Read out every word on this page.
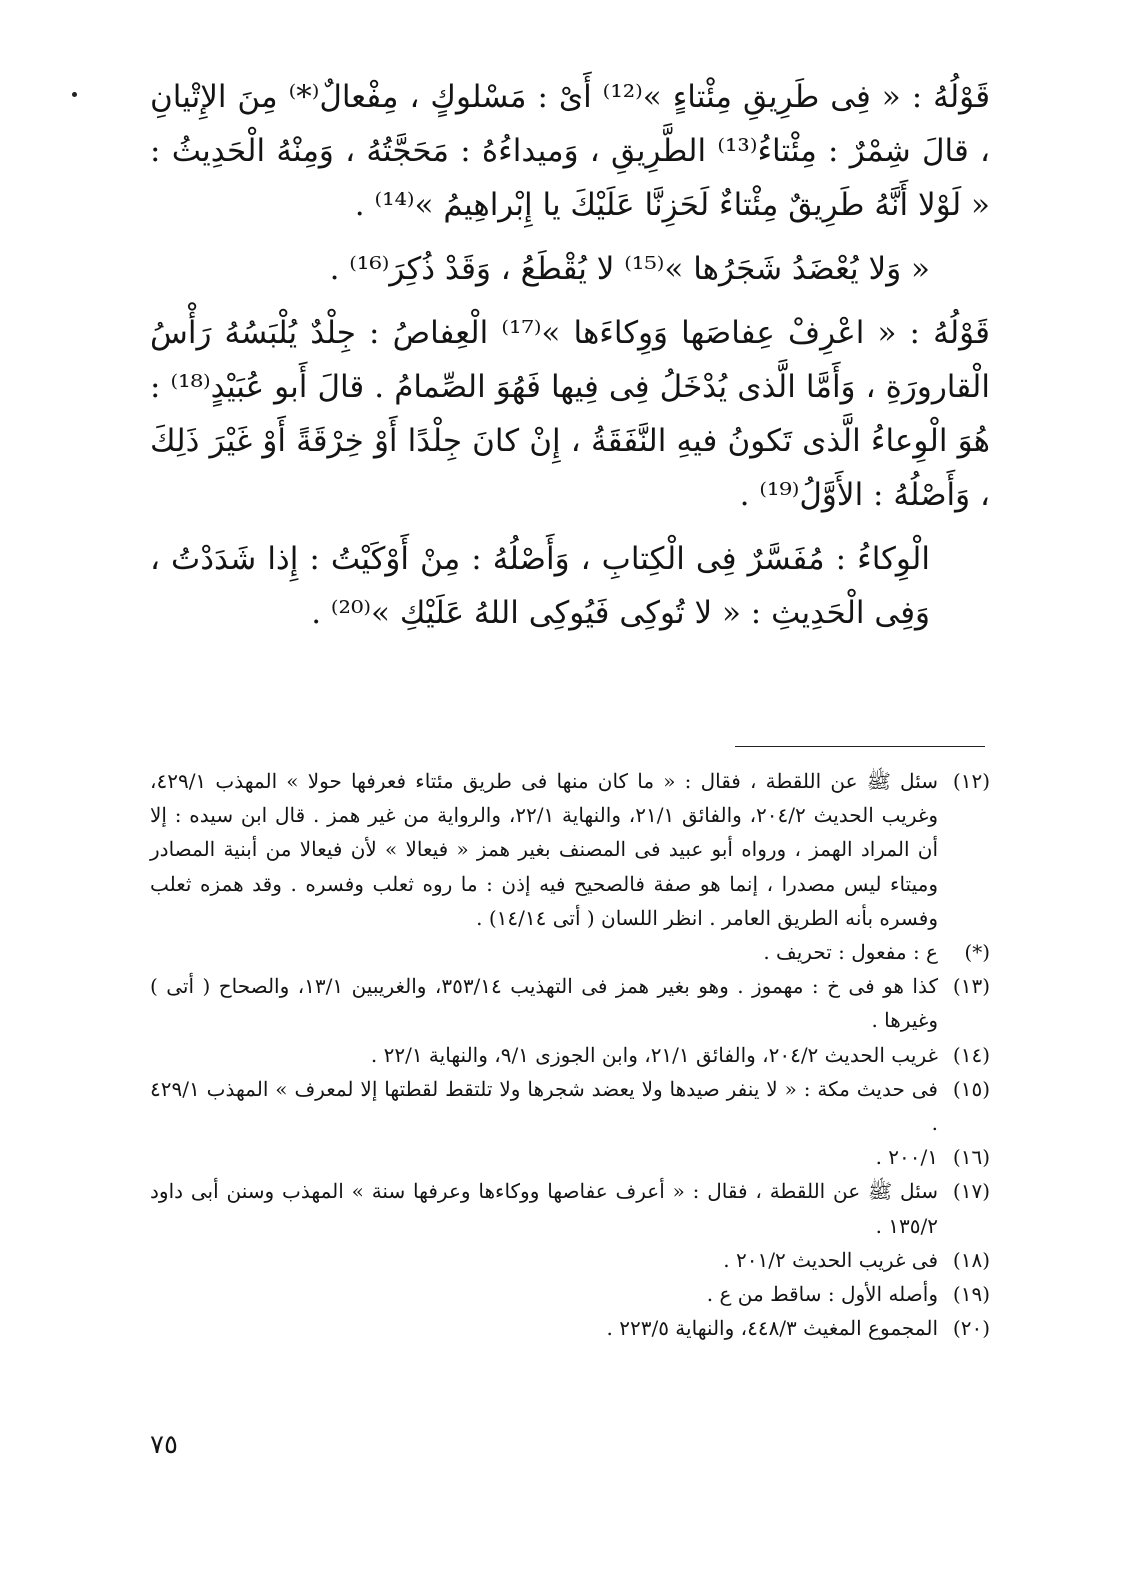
قَوْلُهُ : « فِى طَرِيقِ مِئْتاءٍ »⁽¹²⁾ أَىْ : مَسْلوكٍ ، مِفْعالٌ⁽*⁾ مِنَ الإِتْيانِ ، قالَ شِمْرٌ : مِئْتاءُ⁽¹³⁾ الطَّرِيقِ ، وَميداءُهُ : مَحَجَّتُهُ ، وَمِنْهُ الْحَدِيثُ : « لَوْلا أَنَّهُ طَرِيقٌ مِئْتاءٌ لَحَزِنَّا عَلَيْكَ يا إِبْراهِيمُ »⁽¹⁴⁾ .

« وَلا يُعْضَدُ شَجَرُها »⁽¹⁵⁾ لا يُقْطَعُ ، وَقَدْ ذُكِرَ⁽¹⁶⁾ .

قَوْلُهُ : « اعْرِفْ عِفاصَها وَوِكاءَها »⁽¹⁷⁾ الْعِفاصُ : جِلْدٌ يُلْبَسُهُ رَأْسُ الْقارورَةِ ، وَأَمَّا الَّذى يُدْخَلُ فِى فِيها فَهُوَ الصِّمامُ . قالَ أَبو عُبَيْدٍ⁽¹⁸⁾ : هُوَ الْوِعاءُ الَّذى تَكونُ فيهِ النَّفَقَةُ ، إِنْ كانَ جِلْدًا أَوْ خِرْقَةً أَوْ غَيْرَ ذَلِكَ ، وَأَصْلُهُ : الأَوَّلُ⁽¹⁹⁾ .

الْوِكاءُ : مُفَسَّرٌ فِى الْكِتابِ ، وَأَصْلُهُ : مِنْ أَوْكَيْتُ : إِذا شَدَدْتُ ، وَفِى الْحَدِيثِ : « لا تُوكِى فَيُوكِى اللهُ عَلَيْكِ »⁽²⁰⁾ .

(١٢)
سئل ﷺ عن اللقطة ، فقال : « ما كان منها فى طريق مئتاء فعرفها حولا » المهذب ٤٢٩/١، وغريب الحديث ٢٠٤/٢، والفائق ٢١/١، والنهاية ٢٢/١، والرواية من غير همز . قال ابن سيده : إلا أن المراد الهمز ، ورواه أبو عبيد فى المصنف بغير همز « فيعالا » لأن فيعالا من أبنية المصادر وميتاء ليس مصدرا ، إنما هو صفة فالصحيح فيه إذن : ما روه ثعلب وفسره . وقد همزه ثعلب وفسره بأنه الطريق العامر . انظر اللسان ( أتى ١٤/١٤) .
(*)
ع : مفعول : تحريف .
(١٣)
كذا هو فى خ : مهموز . وهو بغير همز فى التهذيب ٣٥٣/١٤، والغريبين ١٣/١، والصحاح ( أتى ) وغيرها .
(١٤)
غريب الحديث ٢٠٤/٢، والفائق ٢١/١، وابن الجوزى ٩/١، والنهاية ٢٢/١ .
(١٥)
فى حديث مكة : « لا ينفر صيدها ولا يعضد شجرها ولا تلتقط لقطتها إلا لمعرف » المهذب ٤٢٩/١ .
(١٦)
٢٠٠/١ .
(١٧)
سئل ﷺ عن اللقطة ، فقال : « أعرف عفاصها ووكاءها وعرفها سنة » المهذب وسنن أبى داود ١٣٥/٢ .
(١٨)
فى غريب الحديث ٢٠١/٢ .
(١٩)
وأصله الأول : ساقط من ع .
(٢٠)
المجموع المغيث ٤٤٨/٣، والنهاية ٢٢٣/٥ .
٧٥
